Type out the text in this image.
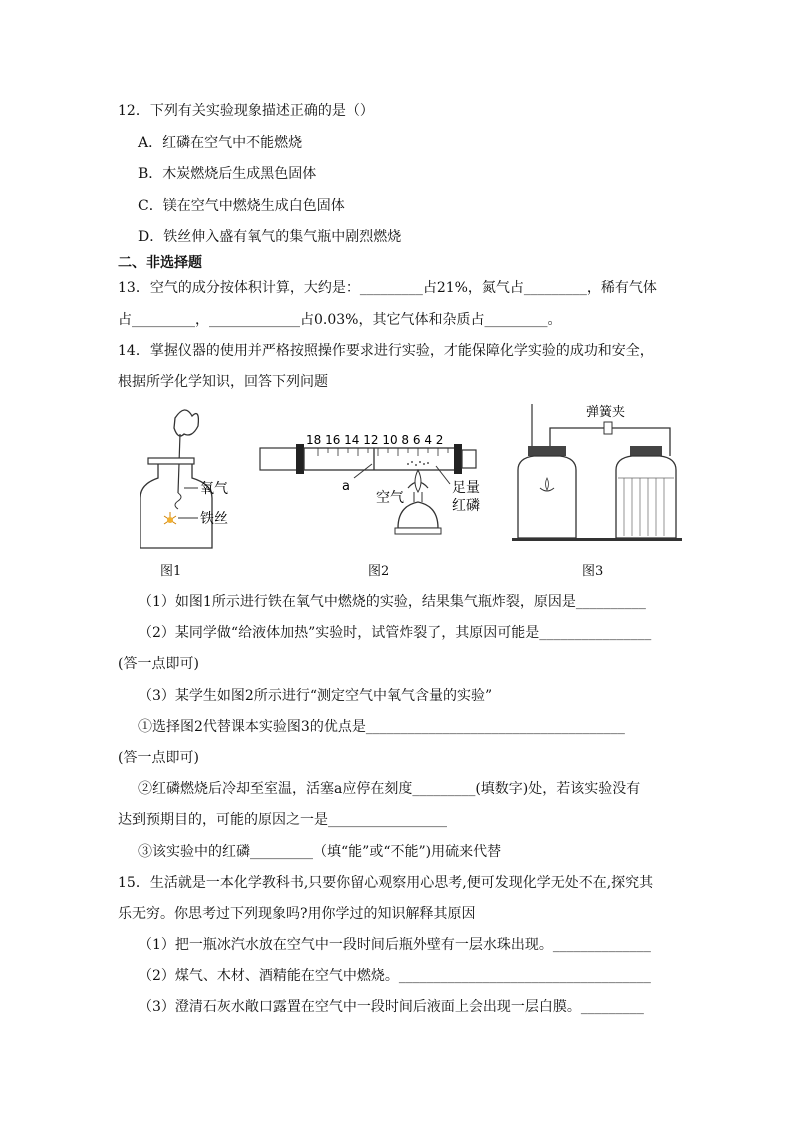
12．下列有关实验现象描述正确的是（）
A．红磷在空气中不能燃烧
B．木炭燃烧后生成黑色固体
C．镁在空气中燃烧生成白色固体
D．铁丝伸入盛有氧气的集气瓶中剧烈燃烧
二、非选择题
13．空气的成分按体积计算，大约是：_________占21%，氮气占_________，稀有气体
占_________，_____________占0.03%，其它气体和杂质占_________。
14．掌握仪器的使用并严格按照操作要求进行实验，才能保障化学实验的成功和安全，
根据所学化学知识，回答下列问题
氧气
铁丝
图1
18 16 14 12 10 8 6 4 2
a
空气
足量
红磷
图2
弹簧夹
图3
（1）如图1所示进行铁在氧气中燃烧的实验，结果集气瓶炸裂，原因是__________
（2）某同学做“给液体加热”实验时，试管炸裂了，其原因可能是________________
(答一点即可)
（3）某学生如图2所示进行“测定空气中氧气含量的实验”
①选择图2代替课本实验图3的优点是_____________________________________
(答一点即可)
②红磷燃烧后冷却至室温，活塞a应停在刻度_________(填数字)处，若该实验没有
达到预期目的，可能的原因之一是_________________
③该实验中的红磷_________（填“能”或“不能”)用硫来代替
15．生活就是一本化学教科书,只要你留心观察用心思考,便可发现化学无处不在,探究其
乐无穷。你思考过下列现象吗?用你学过的知识解释其原因
（1）把一瓶冰汽水放在空气中一段时间后瓶外壁有一层水珠出现。______________
（2）煤气、木材、酒精能在空气中燃烧。____________________________________
（3）澄清石灰水敞口露置在空气中一段时间后液面上会出现一层白膜。_________
